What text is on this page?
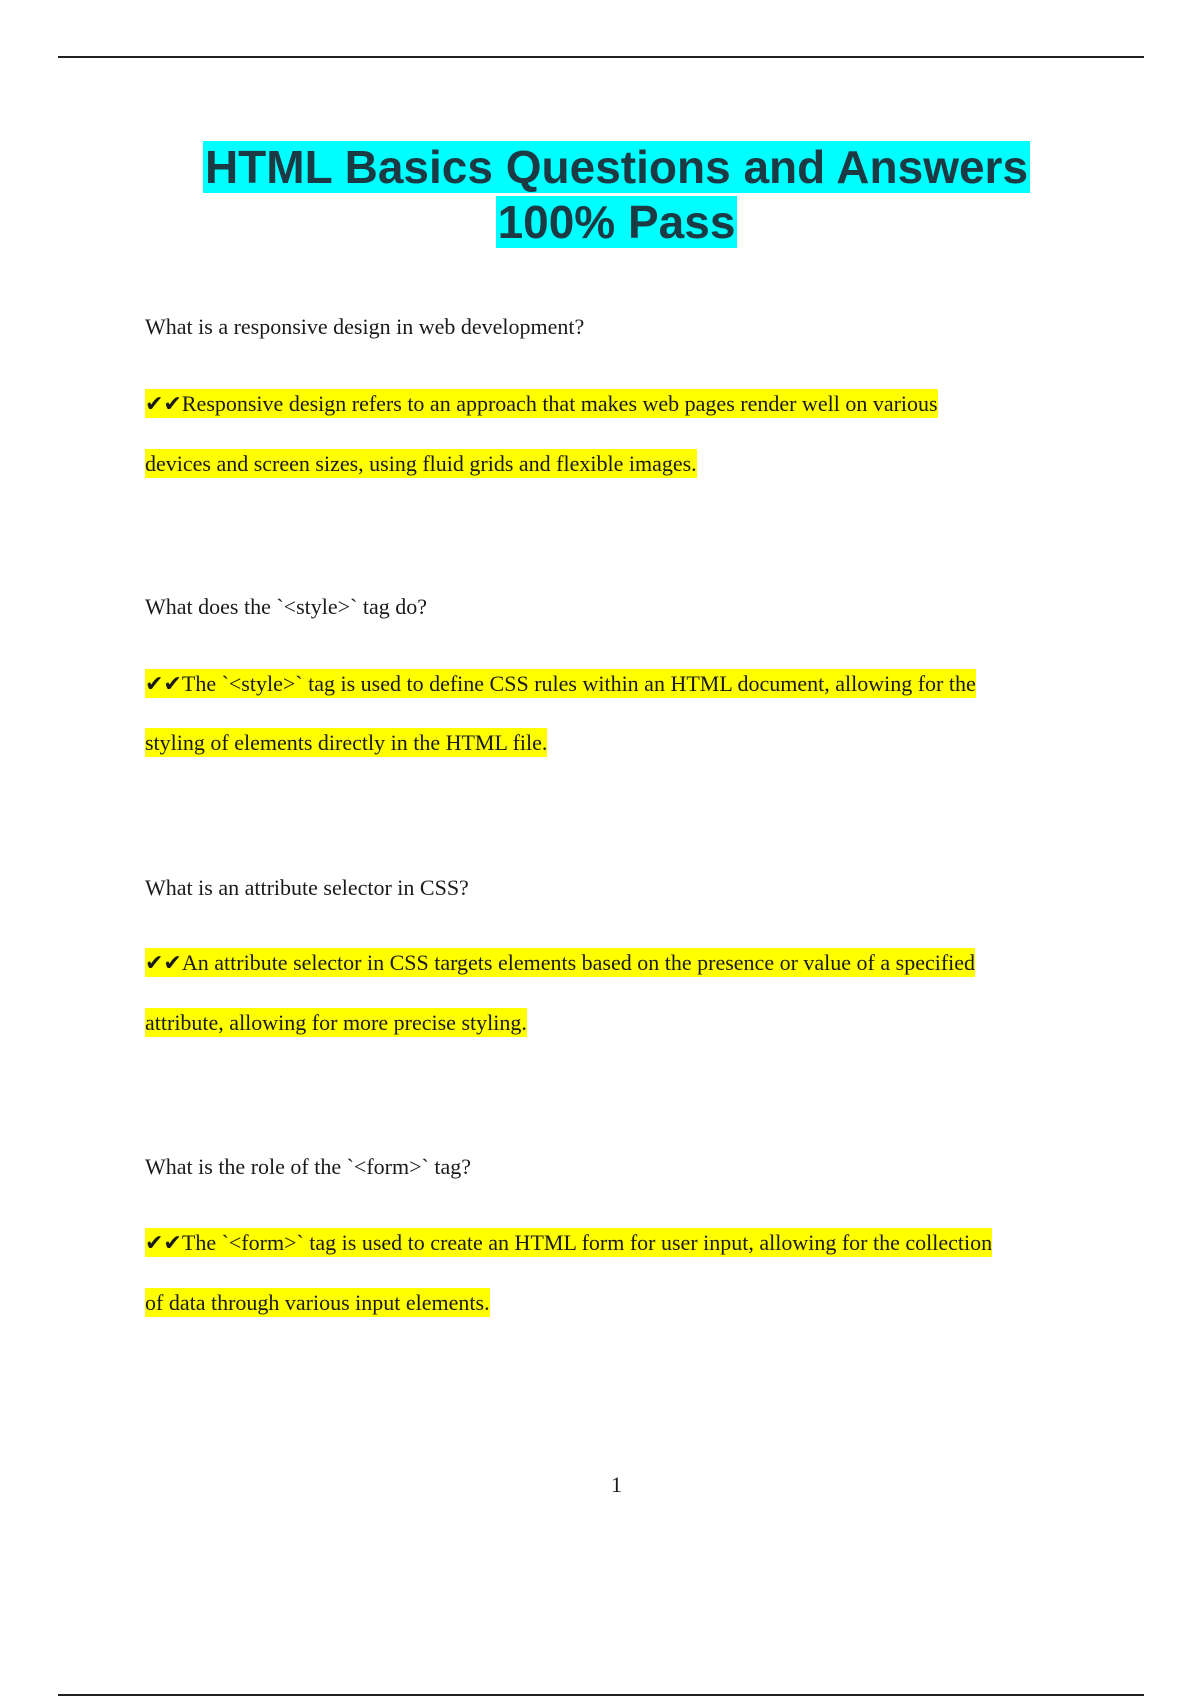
HTML Basics Questions and Answers
100% Pass
What is a responsive design in web development?
✔✔Responsive design refers to an approach that makes web pages render well on various
devices and screen sizes, using fluid grids and flexible images.
What does the `<style>` tag do?
✔✔The `<style>` tag is used to define CSS rules within an HTML document, allowing for the
styling of elements directly in the HTML file.
What is an attribute selector in CSS?
✔✔An attribute selector in CSS targets elements based on the presence or value of a specified
attribute, allowing for more precise styling.
What is the role of the `<form>` tag?
✔✔The `<form>` tag is used to create an HTML form for user input, allowing for the collection
of data through various input elements.
1
